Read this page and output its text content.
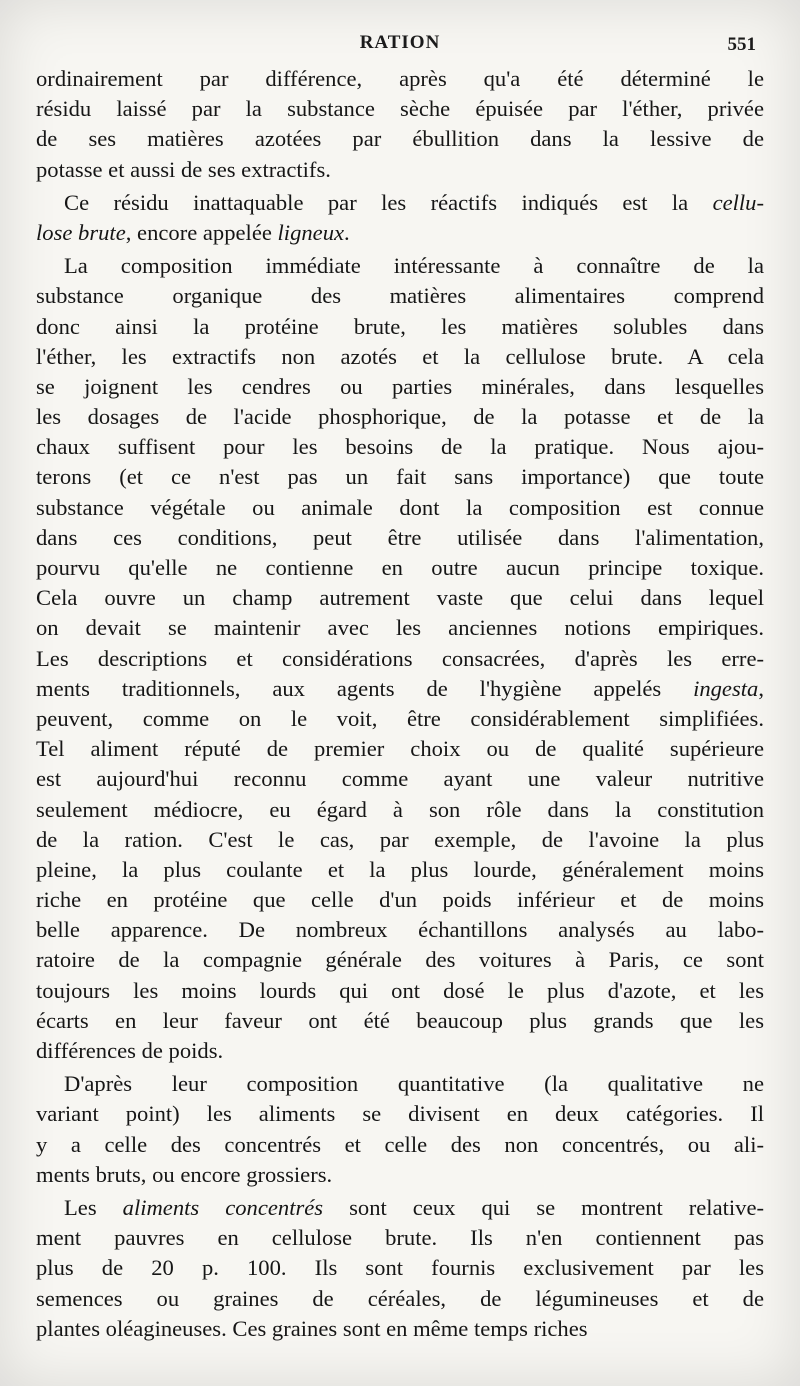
RATION	551
ordinairement par différence, après qu'a été déterminé le
résidu laissé par la substance sèche épuisée par l'éther, privée
de ses matières azotées par ébullition dans la lessive de
potasse et aussi de ses extractifs.
Ce résidu inattaquable par les réactifs indiqués est la cellu-
lose brute, encore appelée ligneux.
La composition immédiate intéressante à connaître de la
substance organique des matières alimentaires comprend
donc ainsi la protéine brute, les matières solubles dans
l'éther, les extractifs non azotés et la cellulose brute. A cela
se joignent les cendres ou parties minérales, dans lesquelles
les dosages de l'acide phosphorique, de la potasse et de la
chaux suffisent pour les besoins de la pratique. Nous ajou-
terons (et ce n'est pas un fait sans importance) que toute
substance végétale ou animale dont la composition est connue
dans ces conditions, peut être utilisée dans l'alimentation,
pourvu qu'elle ne contienne en outre aucun principe toxique.
Cela ouvre un champ autrement vaste que celui dans lequel
on devait se maintenir avec les anciennes notions empiriques.
Les descriptions et considérations consacrées, d'après les erre-
ments traditionnels, aux agents de l'hygiène appelés ingesta,
peuvent, comme on le voit, être considérablement simplifiées.
Tel aliment réputé de premier choix ou de qualité supérieure
est aujourd'hui reconnu comme ayant une valeur nutritive
seulement médiocre, eu égard à son rôle dans la constitution
de la ration. C'est le cas, par exemple, de l'avoine la plus
pleine, la plus coulante et la plus lourde, généralement moins
riche en protéine que celle d'un poids inférieur et de moins
belle apparence. De nombreux échantillons analysés au labo-
ratoire de la compagnie générale des voitures à Paris, ce sont
toujours les moins lourds qui ont dosé le plus d'azote, et les
écarts en leur faveur ont été beaucoup plus grands que les
différences de poids.
D'après leur composition quantitative (la qualitative ne
variant point) les aliments se divisent en deux catégories. Il
y a celle des concentrés et celle des non concentrés, ou ali-
ments bruts, ou encore grossiers.
Les aliments concentrés sont ceux qui se montrent relative-
ment pauvres en cellulose brute. Ils n'en contiennent pas
plus de 20 p. 100. Ils sont fournis exclusivement par les
semences ou graines de céréales, de légumineuses et de
plantes oléagineuses. Ces graines sont en même temps riches
